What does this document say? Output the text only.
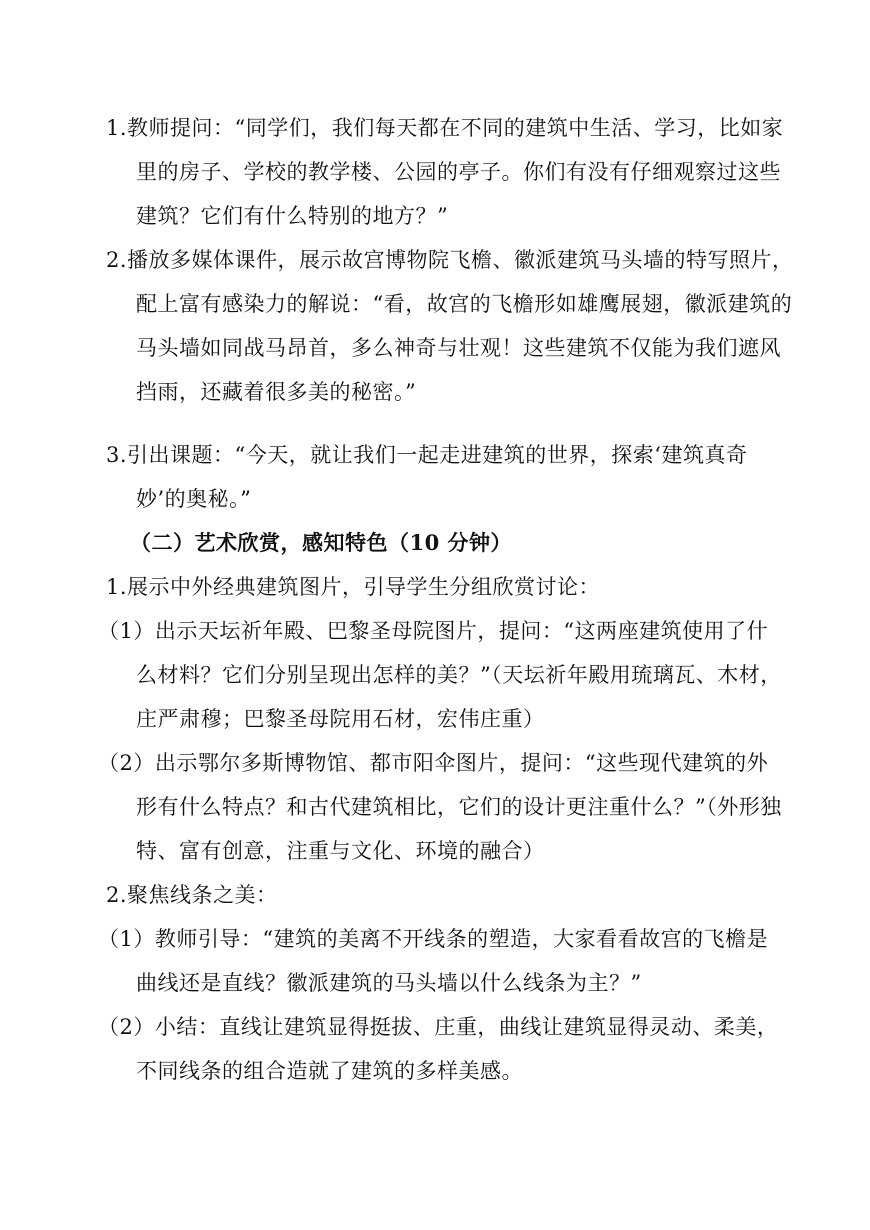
1.教师提问：“同学们，我们每天都在不同的建筑中生活、学习，比如家里的房子、学校的教学楼、公园的亭子。你们有没有仔细观察过这些建筑？它们有什么特别的地方？”

2.播放多媒体课件，展示故宫博物院飞檐、徽派建筑马头墙的特写照片，配上富有感染力的解说：“看，故宫的飞檐形如雄鹰展翅，徽派建筑的马头墙如同战马昂首，多么神奇与壮观！这些建筑不仅能为我们遮风挡雨，还藏着很多美的秘密。”

3.引出课题：“今天，就让我们一起走进建筑的世界，探索‘建筑真奇妙’的奥秘。”

（二）艺术欣赏，感知特色（10 分钟）

1.展示中外经典建筑图片，引导学生分组欣赏讨论：

（1）出示天坛祈年殿、巴黎圣母院图片，提问：“这两座建筑使用了什么材料？它们分别呈现出怎样的美？”（天坛祈年殿用琉璃瓦、木材，庄严肃穆；巴黎圣母院用石材，宏伟庄重）

（2）出示鄂尔多斯博物馆、都市阳伞图片，提问：“这些现代建筑的外形有什么特点？和古代建筑相比，它们的设计更注重什么？”（外形独特、富有创意，注重与文化、环境的融合）

2.聚焦线条之美：

（1）教师引导：“建筑的美离不开线条的塑造，大家看看故宫的飞檐是曲线还是直线？徽派建筑的马头墙以什么线条为主？”

（2）小结：直线让建筑显得挺拔、庄重，曲线让建筑显得灵动、柔美，不同线条的组合造就了建筑的多样美感。
